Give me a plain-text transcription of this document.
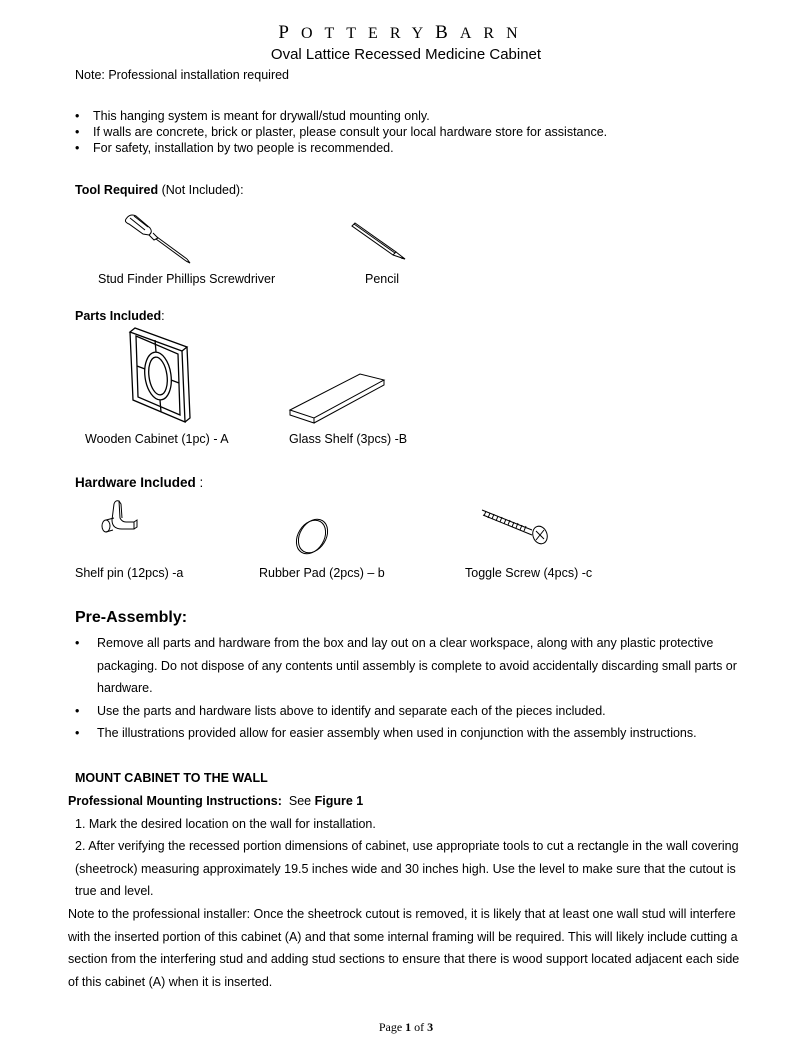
potterybarn
Oval Lattice Recessed Medicine Cabinet
Note: Professional installation required
• This hanging system is meant for drywall/stud mounting only.
• If walls are concrete, brick or plaster, please consult your local hardware store for assistance.
• For safety, installation by two people is recommended.
Tool Required (Not Included):
Stud Finder Phillips Screwdriver	Pencil
Parts Included:
Wooden Cabinet (1pc) - A	Glass Shelf (3pcs) -B
Hardware Included :
Shelf pin (12pcs) -a	Rubber Pad (2pcs) – b	Toggle Screw (4pcs) -c
Pre-Assembly:
• Remove all parts and hardware from the box and lay out on a clear workspace, along with any plastic protective packaging. Do not dispose of any contents until assembly is complete to avoid accidentally discarding small parts or hardware.
• Use the parts and hardware lists above to identify and separate each of the pieces included.
• The illustrations provided allow for easier assembly when used in conjunction with the assembly instructions.
MOUNT CABINET TO THE WALL
Professional Mounting Instructions: See Figure 1
1. Mark the desired location on the wall for installation.
2. After verifying the recessed portion dimensions of cabinet, use appropriate tools to cut a rectangle in the wall covering (sheetrock) measuring approximately 19.5 inches wide and 30 inches high. Use the level to make sure that the cutout is true and level.
Note to the professional installer: Once the sheetrock cutout is removed, it is likely that at least one wall stud will interfere with the inserted portion of this cabinet (A) and that some internal framing will be required. This will likely include cutting a section from the interfering stud and adding stud sections to ensure that there is wood support located adjacent each side of this cabinet (A) when it is inserted.
Page 1 of 3
